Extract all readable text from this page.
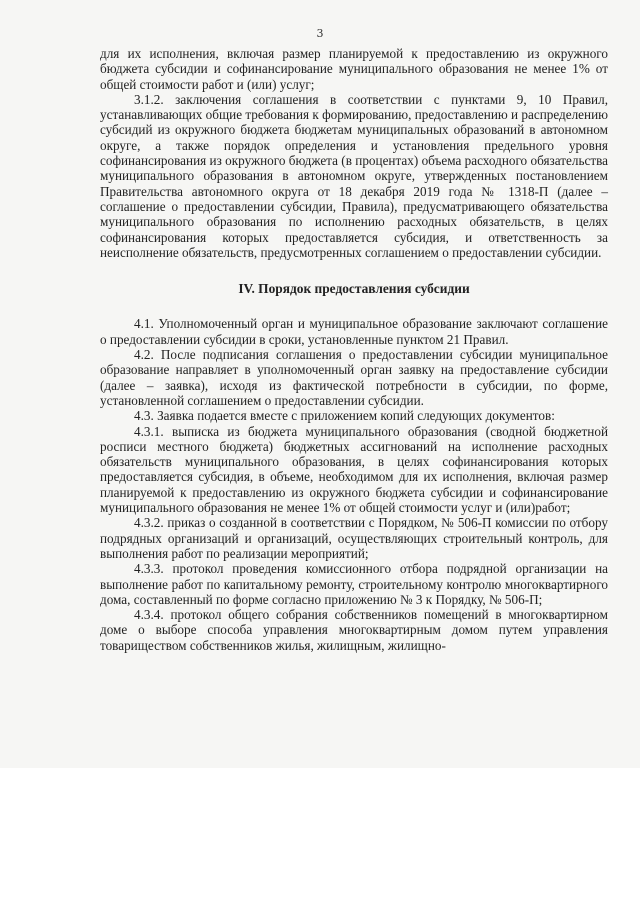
3

для их исполнения, включая размер планируемой к предоставлению из окружного бюджета субсидии и софинансирование муниципального образования не менее 1% от общей стоимости работ и (или) услуг;

3.1.2. заключения соглашения в соответствии с пунктами 9, 10 Правил, устанавливающих общие требования к формированию, предоставлению и распределению субсидий из окружного бюджета бюджетам муниципальных образований в автономном округе, а также порядок определения и установления предельного уровня софинансирования из окружного бюджета (в процентах) объема расходного обязательства муниципального образования в автономном округе, утвержденных постановлением Правительства автономного округа от 18 декабря 2019 года № 1318-П (далее – соглашение о предоставлении субсидии, Правила), предусматривающего обязательства муниципального образования по исполнению расходных обязательств, в целях софинансирования которых предоставляется субсидия, и ответственность за неисполнение обязательств, предусмотренных соглашением о предоставлении субсидии.

IV. Порядок предоставления субсидии

4.1. Уполномоченный орган и муниципальное образование заключают соглашение о предоставлении субсидии в сроки, установленные пунктом 21 Правил.

4.2. После подписания соглашения о предоставлении субсидии муниципальное образование направляет в уполномоченный орган заявку на предоставление субсидии (далее – заявка), исходя из фактической потребности в субсидии, по форме, установленной соглашением о предоставлении субсидии.

4.3. Заявка подается вместе с приложением копий следующих документов:

4.3.1. выписка из бюджета муниципального образования (сводной бюджетной росписи местного бюджета) бюджетных ассигнований на исполнение расходных обязательств муниципального образования, в целях софинансирования которых предоставляется субсидия, в объеме, необходимом для их исполнения, включая размер планируемой к предоставлению из окружного бюджета субсидии и софинансирование муниципального образования не менее 1% от общей стоимости услуг и (или)работ;

4.3.2. приказ о созданной в соответствии с Порядком, № 506-П комиссии по отбору подрядных организаций и организаций, осуществляющих строительный контроль, для выполнения работ по реализации мероприятий;

4.3.3. протокол проведения комиссионного отбора подрядной организации на выполнение работ по капитальному ремонту, строительному контролю многоквартирного дома, составленный по форме согласно приложению № 3 к Порядку, № 506-П;

4.3.4. протокол общего собрания собственников помещений в многоквартирном доме о выборе способа управления многоквартирным домом путем управления товариществом собственников жилья, жилищным, жилищно-
